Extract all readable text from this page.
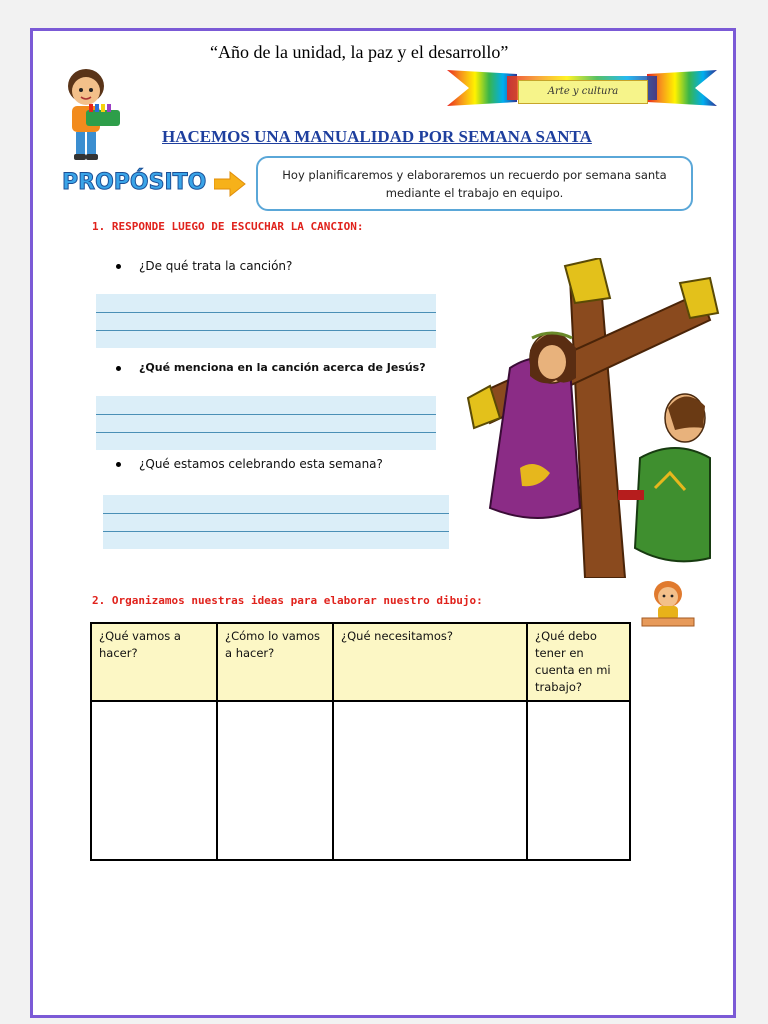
“Año de la unidad, la paz y el desarrollo”
Arte y cultura
HACEMOS UNA MANUALIDAD POR SEMANA SANTA
PROPÓSITO	Hoy planificaremos y elaboraremos un recuerdo por semana santa mediante el trabajo en equipo.
1. RESPONDE LUEGO DE ESCUCHAR LA CANCION:
¿De qué trata la canción?
¿Qué menciona en la canción acerca de Jesús?
¿Qué estamos celebrando esta semana?
2. Organizamos nuestras ideas para elaborar nuestro dibujo:
¿Qué vamos a hacer?	¿Cómo lo vamos a hacer?	¿Qué necesitamos?	¿Qué debo tener en cuenta en mi trabajo?
